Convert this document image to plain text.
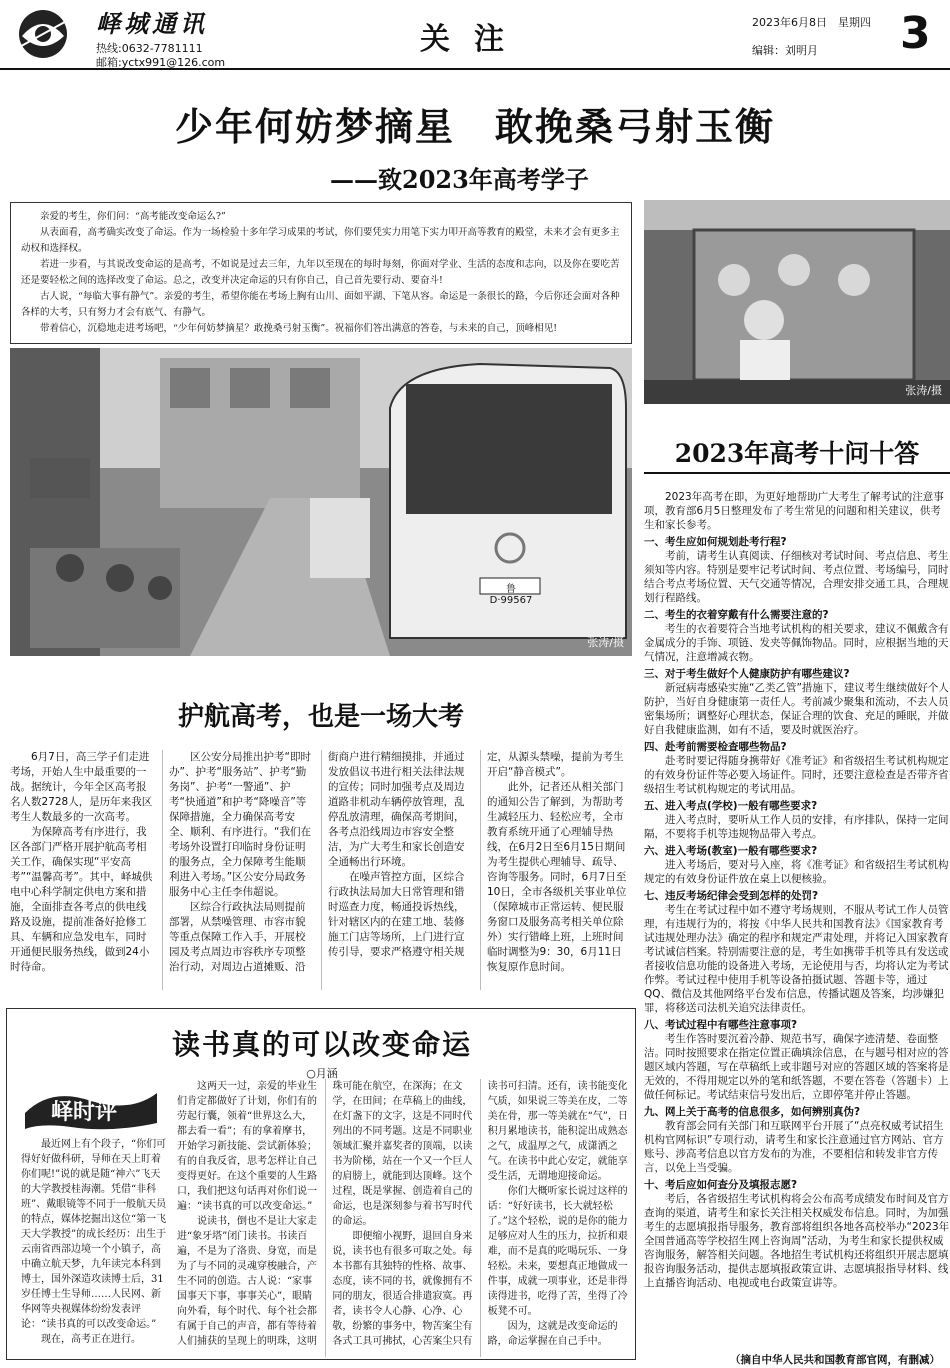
峄城通讯
热线:0632-7781111
邮箱:yctx991@126.com
关注	2023年6月8日　星期四
编辑：刘明月 3
少年何妨梦摘星　敢挽桑弓射玉衡
——致2023年高考学子

亲爱的考生，你们问：“高考能改变命运么?”

从表面看，高考确实改变了命运。作为一场检验十多年学习成果的考试，你们要凭实力用笔下实力叩开高等教育的殿堂，未来才会有更多主动权和选择权。

若进一步看，与其说改变命运的是高考，不如说是过去三年，九年以至现在的每时每刻，你面对学业、生活的态度和志向，以及你在要吃苦还是要轻松之间的选择改变了命运。总之，改变并决定命运的只有你自己，自己首先要行动、要奋斗!

古人说，“每临大事有静气”。亲爱的考生，希望你能在考场上胸有山川、面如平湖、下笔从容。命运是一条很长的路，今后你还会面对各种各样的大考，只有努力才会有底气、有静气。

带着信心，沉稳地走进考场吧，“少年何妨梦摘星？敢挽桑弓射玉衡”。祝福你们答出满意的答卷，与未来的自己，顶峰相见!

鲁D·99567
张涛/摄
张涛/摄
护航高考，也是一场大考

6月7日，高三学子们走进考场，开始人生中最重要的一战。据统计，今年全区高考报名人数2728人，是历年来我区考生人数最多的一次高考。

为保障高考有序进行，我区各部门严格开展护航高考相关工作，确保实现“平安高考”“温馨高考”。其中，峄城供电中心科学制定供电方案和措施，全面排查各考点的供电线路及设施，提前准备好抢修工具、车辆和应急发电车，同时开通便民服务热线，做到24小时待命。

区公安分局推出护考“即时办”、护考“服务站”、护考“勤务岗”、护考“一警通”、护考“快通道”和护考“降噪音”等保障措施，全力确保高考安全、顺利、有序进行。“我们在考场外设置打印临时身份证明的服务点，全力保障考生能顺利进入考场。”区公安分局政务服务中心主任李伟超说。

区综合行政执法局则提前部署，从禁噪管理、市容市貌等重点保障工作入手，开展校园及考点周边市容秩序专项整治行动，对周边占道摊贩、沿街商户进行精细摸排，并通过发放倡议书进行相关法律法规的宣传；同时加强考点及周边道路非机动车辆停放管理，乱停乱放清理，确保高考期间，各考点沿线周边市容安全整洁，为广大考生和家长创造安全通畅出行环境。

在噪声管控方面，区综合行政执法局加大日常管理和错时巡查力度，畅通投诉热线，针对辖区内的在建工地、装修施工门店等场所，上门进行宣传引导，要求严格遵守相关规定，从源头禁噪，提前为考生开启“静音模式”。

此外，记者还从相关部门的通知公告了解到，为帮助考生减轻压力、轻松应考，全市教育系统开通了心理辅导热线，在6月2日至6月15日期间为考生提供心理辅导、疏导、咨询等服务。同时，6月7日至10日，全市各级机关事业单位（保障城市正常运转、便民服务窗口及服务高考相关单位除外）实行错峰上班，上班时间临时调整为9：30，6月11日恢复原作息时间。

读书真的可以改变命运
○月涵
峄时评

最近网上有个段子，“你们可得好好做科研，导师在天上盯着你们呢!”说的就是随“神六”飞天的大学教授桂海潮。凭借“非科班”、戴眼镜等不同于一般航天员的特点，媒体挖掘出这位“第一飞天大学教授”的成长经历：出生于云南省西部边境一个小镇子，高中确立航天梦，九年读完本科到博士，国外深造攻读博士后，31岁任博士生导师……人民网、新华网等央视媒体纷纷发表评论：“读书真的可以改变命运。”

现在，高考正在进行。

这两天一过，亲爱的毕业生们肯定都做好了计划，你们有的劳起行囊，领着“世界这么大，都去看一看”；有的拿着摩书，开始学习新技能、尝试新体验；有的自我反省，思考怎样让自己变得更好。在这个重要的人生路口，我们把这句话再对你们说一遍：“读书真的可以改变命运。”

说读书，倒也不是让大家走进“象牙塔”闭门读书。书读百遍，不是为了洛贵、身宽，而是为了与不同的灵魂穿梭融合，产生不同的创造。古人说：“家事国事天下事，事事关心”，眼睛向外看，每个时代、每个社会都有属于自己的声音，都有等待着人们捕获的呈现上的明珠，这明珠可能在航空，在深海；在文学，在田间；在草稿上的曲线，在灯盏下的文字，这是不同时代列出的不同考题。这是不同职业领域汇聚并嘉奖者的顶端，以读书为阶梯，站在一个又一个巨人的肩膀上，就能到达顶峰。这个过程，既是掌握、创造着自己的命运，也是深刻参与着书写时代的命运。

即便缩小视野，退回自身来说，读书也有很多可取之处。每本书都有其独特的性格、故事、态度，读不同的书，就像拥有不同的朋友，很适合排遣寂寞。再者，读书令人心静、心净、心敬，纷繁的事务中，物苦案尘有各式工具可拂拭，心苦案尘只有读书可扫清。还有，读书能变化气质，如果说三等美在皮，二等美在骨，那一等美就在“气”，日积月累地读书，能积淀出成熟态之气，成温厚之气，成潇洒之气。在读书中此心安定，就能享受生活，无谓地迎接命运。

你们大概听家长说过这样的话：“好好读书，长大就轻松了。”这个轻松，说的是你的能力足够应对人生的压力，拉折和艰难，而不是真的吃喝玩乐、一身轻松。未来，要想真正地做成一件事，成就一项事业，还是非得读得进书，吃得了苦，坐得了冷板凳不可。

因为，这就是改变命运的路，命运掌握在自己手中。

2023年高考十问十答

2023年高考在即，为更好地帮助广大考生了解考试的注意事项，教育部6月5日整理发布了考生常见的问题和相关建议，供考生和家长参考。

一、考生应如何规划赴考行程?

考前，请考生认真阅读、仔细核对考试时间、考点信息、考生须知等内容。特别是要牢记考试时间、考点位置、考场编号，同时结合考点考场位置、天气交通等情况，合理安排交通工具，合理规划行程路线。

二、考生的衣着穿戴有什么需要注意的?

考生的衣着要符合当地考试机构的相关要求，建议不佩戴含有金属成分的手饰、项链、发夹等佩饰物品。同时，应根据当地的天气情况，注意增减衣物。

三、对于考生做好个人健康防护有哪些建议?

新冠病毒感染实施“乙类乙管”措施下，建议考生继续做好个人防护，当好自身健康第一责任人。考前减少聚集和流动，不去人员密集场所；调整好心理状态，保证合理的饮食、充足的睡眠，并做好自我健康监测，如有不适，要及时就医治疗。

四、赴考前需要检查哪些物品?

赴考时要记得随身携带好《准考证》和省级招生考试机构规定的有效身份证件等必要入场证件。同时，还要注意检查是否带齐省级招生考试机构规定的考试用品。

五、进入考点(学校)一般有哪些要求?

进入考点时，要听从工作人员的安排，有序排队，保持一定间隔，不要将手机等违规物品带入考点。

六、进入考场(教室)一般有哪些要求?

进入考场后，要对号入座，将《准考证》和省级招生考试机构规定的有效身份证件放在桌上以便核验。

七、违反考场纪律会受到怎样的处罚?

考生在考试过程中如不遵守考场规则，不服从考试工作人员管理，有违规行为的，将按《中华人民共和国教育法》《国家教育考试违规处理办法》确定的程序和规定严肃处理，并将记入国家教育考试诚信档案。特别需要注意的是，考生如携带手机等具有发送或者接收信息功能的设备进入考场，无论使用与否，均将认定为考试作弊。考试过程中使用手机等设备拍摄试题、答题卡等，通过QQ、微信及其他网络平台发布信息，传播试题及答案，均涉嫌犯罪，将移送司法机关追究法律责任。

八、考试过程中有哪些注意事项?

考生作答时要沉着冷静、规范书写，确保字迹清楚、卷面整洁。同时按照要求在指定位置正确填涂信息，在与题号相对应的答题区域内答题，写在草稿纸上或非题号对应的答题区域的答案将是无效的，不得用规定以外的笔和纸答题，不要在答卷（答题卡）上做任何标记。考试结束信号发出后，立即停笔并停止答题。

九、网上关于高考的信息很多，如何辨别真伪?

教育部会同有关部门和互联网平台开展了“点亮权威考试招生机构官网标识”专项行动，请考生和家长注意通过官方网站、官方账号、涉高考信息以官方发布的为准，不要相信和转发非官方传言，以免上当受骗。

十、考后应如何查分及填报志愿?

考后，各省级招生考试机构将会公布高考成绩发布时间及官方查询的渠道，请考生和家长关注相关权威发布信息。同时，为加强考生的志愿填报指导服务，教育部将组织各地各高校举办“2023年全国普通高等学校招生网上咨询周”活动，为考生和家长提供权威咨询服务，解答相关问题。各地招生考试机构还将组织开展志愿填报咨询服务活动，提供志愿填报政策宣讲、志愿填报指导材料、线上直播咨询活动、电视或电台政策宣讲等。

（摘自中华人民共和国教育部官网，有删减）
